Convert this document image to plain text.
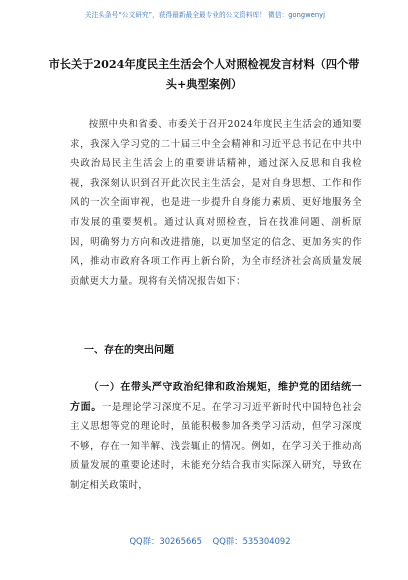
关注头条号“公文研究”，获得最新最全最专业的公文资料库！ 微信：gongwenyj
市长关于2024年度民主生活会个人对照检视发言材料（四个带头+典型案例）

按照中央和省委、市委关于召开2024年度民主生活会的通知要求，我深入学习党的二十届三中全会精神和习近平总书记在中共中央政治局民主生活会上的重要讲话精神，通过深入反思和自我检视，我深刻认识到召开此次民主生活会，是对自身思想、工作和作风的一次全面审视，也是进一步提升自身能力素质、更好地服务全市发展的重要契机。通过认真对照检查，旨在找准问题、剖析原因，明确努力方向和改进措施，以更加坚定的信念、更加务实的作风，推动市政府各项工作再上新台阶，为全市经济社会高质量发展贡献更大力量。现将有关情况报告如下：

一、存在的突出问题

（一）在带头严守政治纪律和政治规矩，维护党的团结统一方面。一是理论学习深度不足。在学习习近平新时代中国特色社会主义思想等党的理论时，虽能积极参加各类学习活动，但学习深度不够，存在一知半解、浅尝辄止的情况。例如，在学习关于推动高质量发展的重要论述时，未能充分结合我市实际深入研究，导致在制定相关政策时，

QQ群：30265665 QQ群：535304092
